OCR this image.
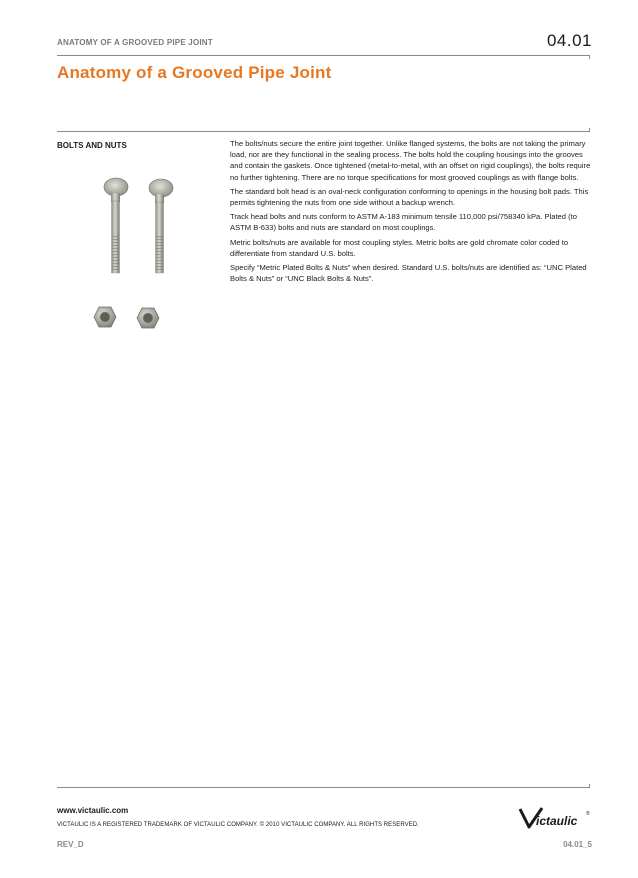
ANATOMY OF A GROOVED PIPE JOINT	04.01
Anatomy of a Grooved Pipe Joint
BOLTS AND NUTS	The bolts/nuts secure the entire joint together. Unlike flanged systems, the bolts are not taking the primary load, nor are they functional in the sealing process. The bolts hold the coupling housings into the grooves and contain the gaskets. Once tightened (metal-to-metal, with an offset on rigid couplings), the bolts require no further tightening. There are no torque specifications for most grooved couplings as with flange bolts.

The standard bolt head is an oval-neck configuration conforming to openings in the housing bolt pads. This permits tightening the nuts from one side without a backup wrench.

Track head bolts and nuts conform to ASTM A-183 minimum tensile 110,000 psi/758340 kPa. Plated (to ASTM B-633) bolts and nuts are standard on most couplings.

Metric bolts/nuts are available for most coupling styles. Metric bolts are gold chromate color coded to differentiate from standard U.S. bolts.

Specify “Metric Plated Bolts & Nuts” when desired. Standard U.S. bolts/nuts are identified as: “UNC Plated Bolts & Nuts” or “UNC Black Bolts & Nuts”.

www.victaulic.com
VICTAULIC IS A REGISTERED TRADEMARK OF VICTAULIC COMPANY. © 2010 VICTAULIC COMPANY. ALL RIGHTS RESERVED.
REV_D	04.01_5
ictaulic ®
